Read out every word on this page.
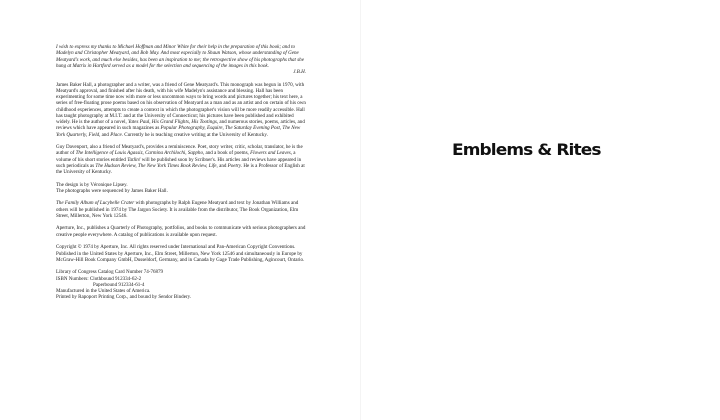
I wish to express my thanks to Michael Hoffman and Minor White for their help in the preparation of this book; and to Madelyn and Christopher Meatyard, and Bob May. And most especially to Shaun Watson, whose understanding of Gene Meatyard's work, and much else besides, has been an inspiration to me; the retrospective show of his photographs that she hung at Matrix in Hartford served as a model for the selection and sequencing of the images in this book.

J.B.H.

James Baker Hall, a photographer and a writer, was a friend of Gene Meatyard's. This monograph was begun in 1970, with Meatyard's approval, and finished after his death, with his wife Madelyn's assistance and blessing. Hall has been experimenting for some time now with more or less uncommon ways to bring words and pictures together; his text here, a series of free-floating prose poems based on his observation of Meatyard as a man and as an artist and on certain of his own childhood experiences, attempts to create a context in which the photographer's vision will be more readily accessible. Hall has taught photography at M.I.T. and at the University of Connecticut; his pictures have been published and exhibited widely. He is the author of a novel, Yates Paul, His Grand Flights, His Tootings, and numerous stories, poems, articles, and reviews which have appeared in such magazines as Popular Photography, Esquire, The Saturday Evening Post, The New York Quarterly, Field, and Place. Currently he is teaching creative writing at the University of Kentucky.

Guy Davenport, also a friend of Meatyard's, provides a reminiscence. Poet, story writer, critic, scholar, translator, he is the author of The Intelligence of Louis Agassiz, Carmina Archilochi, Sappho, and a book of poems, Flowers and Leaves, a volume of his short stories entitled Tatlin! will be published soon by Scribner's. His articles and reviews have appeared in such periodicals as The Hudson Review, The New York Times Book Review, Life, and Poetry. He is a Professor of English at the University of Kentucky.

The design is by Véronique Lipsey.

The photographs were sequenced by James Baker Hall.

The Family Album of Lucybelle Crater with photographs by Ralph Eugene Meatyard and text by Jonathan Williams and others will be published in 1974 by The Jargon Society. It is available from the distributor, The Book Organization, Elm Street, Millerton, New York 12546.

Aperture, Inc., publishes a Quarterly of Photography, portfolios, and books to communicate with serious photographers and creative people everywhere. A catalog of publications is available upon request.

Copyright © 1974 by Aperture, Inc. All rights reserved under International and Pan-American Copyright Conventions.

Published in the United States by Aperture, Inc., Elm Street, Millerton, New York 12546 and simultaneously in Europe by McGraw-Hill Book Company GmbH, Dusseldorf, Germany, and in Canada by Gage Trade Publishing, Agincourt, Ontario.

Library of Congress Catalog Card Number 74-76879

ISBN Numbers: Clothbound 912334-62-2

Paperbound 912334-61-4

Manufactured in the United States of America.

Printed by Rapoport Printing Corp., and bound by Sendor Bindery.

Emblems & Rites
